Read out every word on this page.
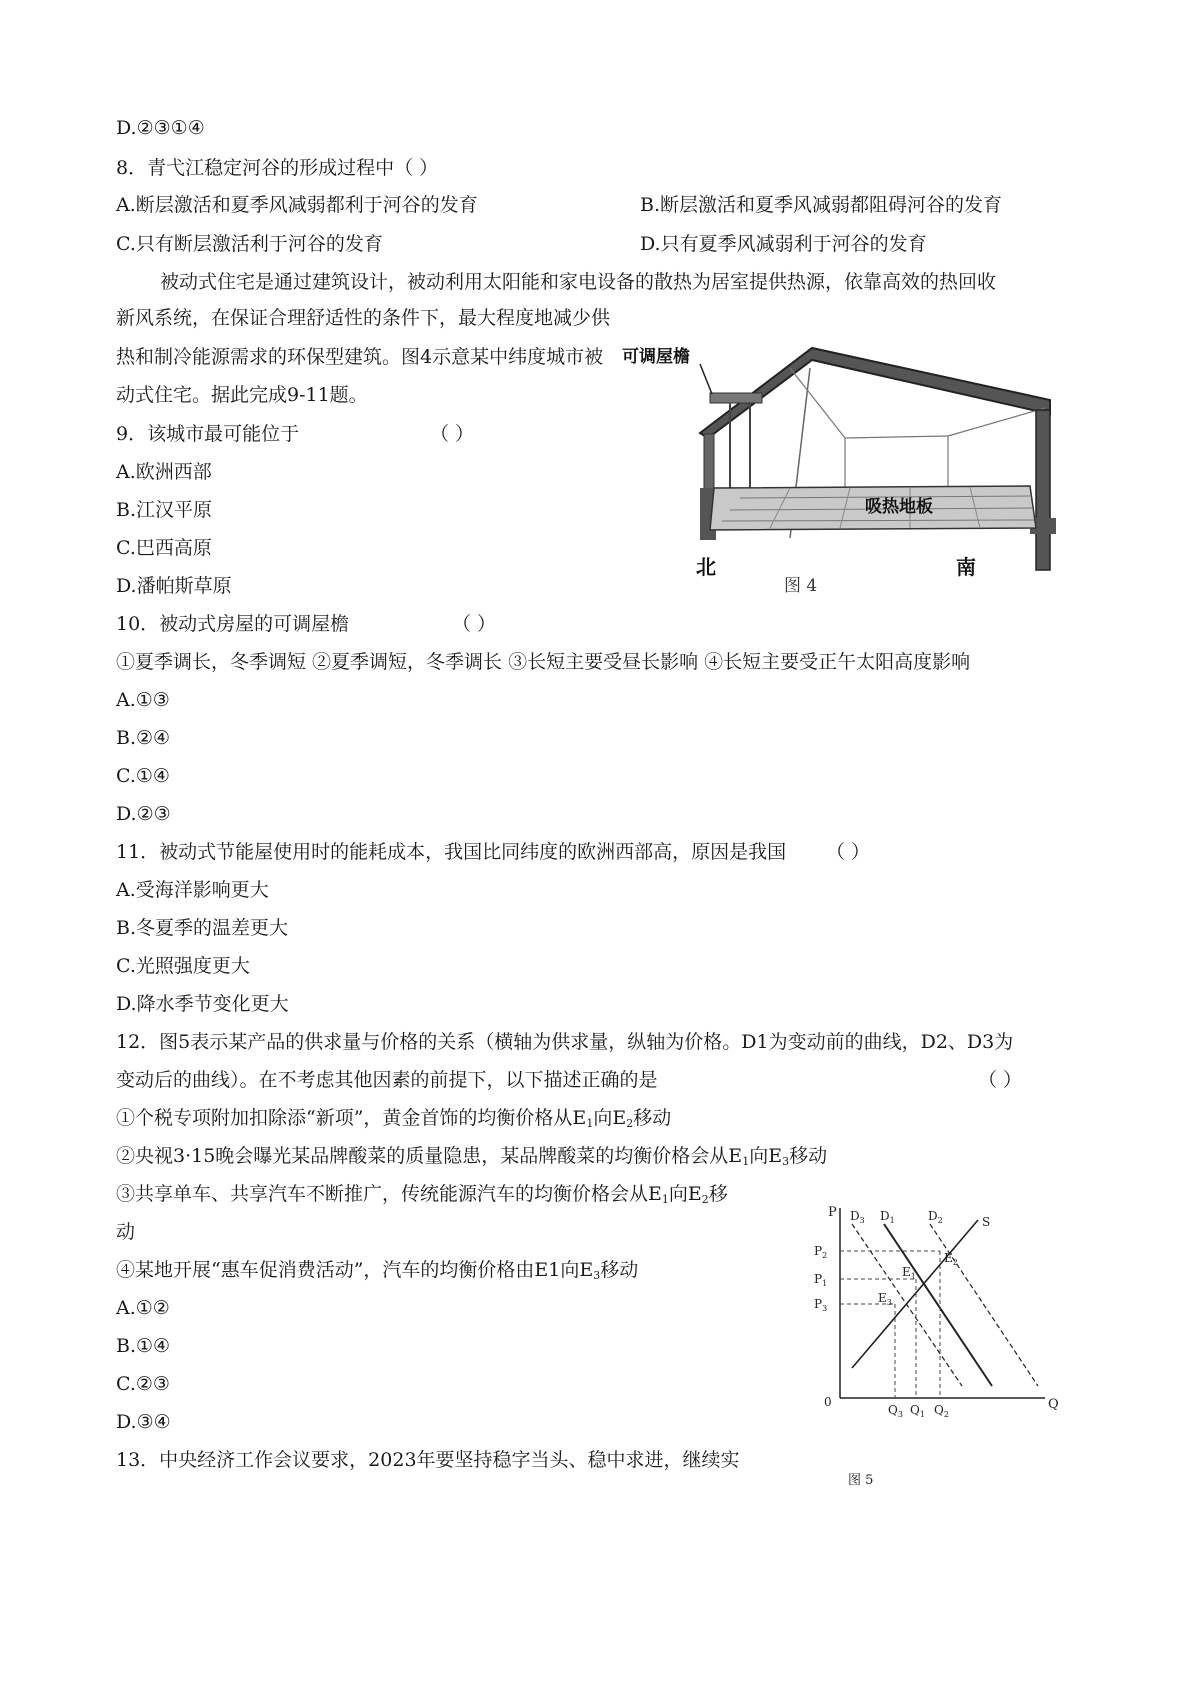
D.②③①④
8．青弋江稳定河谷的形成过程中（ ）
A.断层激活和夏季风减弱都利于河谷的发育	B.断层激活和夏季风减弱都阻碍河谷的发育
C.只有断层激活利于河谷的发育	D.只有夏季风减弱利于河谷的发育
被动式住宅是通过建筑设计，被动利用太阳能和家电设备的散热为居室提供热源，依靠高效的热回收
新风系统，在保证合理舒适性的条件下，最大程度地减少供
热和制冷能源需求的环保型建筑。图4示意某中纬度城市被
动式住宅。据此完成9-11题。
9．该城市最可能位于	（ ）
A.欧洲西部
B.江汉平原
C.巴西高原
D.潘帕斯草原
可调屋檐
吸热地板
北	南
图 4
10．被动式房屋的可调屋檐	（ ）
①夏季调长，冬季调短 ②夏季调短，冬季调长 ③长短主要受昼长影响 ④长短主要受正午太阳高度影响
A.①③
B.②④
C.①④
D.②③
11．被动式节能屋使用时的能耗成本，我国比同纬度的欧洲西部高，原因是我国 （ ）
A.受海洋影响更大
B.冬夏季的温差更大
C.光照强度更大
D.降水季节变化更大
12．图5表示某产品的供求量与价格的关系（横轴为供求量，纵轴为价格。D1为变动前的曲线，D2、D3为
变动后的曲线）。在不考虑其他因素的前提下，以下描述正确的是	（ ）
①个税专项附加扣除添“新项”，黄金首饰的均衡价格从$E_1$向$E_2$移动
②央视3·15晚会曝光某品牌酸菜的质量隐患，某品牌酸菜的均衡价格会从$E_1$向$E_3$移动
③共享单车、共享汽车不断推广，传统能源汽车的均衡价格会从$E_1$向$E_2$移
动
④某地开展“惠车促消费活动”，汽车的均衡价格由E1向$E_3$移动
A.①②
B.①④
C.②③
D.③④
13．中央经济工作会议要求，2023年要坚持稳字当头、稳中求进，继续实
P
Q
0
$D_3$ $D_1$	$D_2$	S
$P_2$
$P_1$
$P_3$
$Q_3$ $Q_1$ $Q_2$
$E_2$
$E_1$
$E_3$
图 5
